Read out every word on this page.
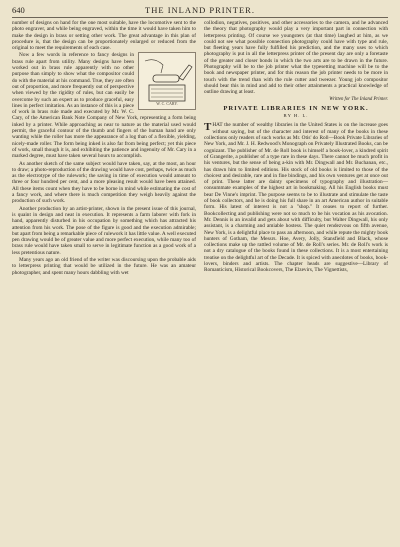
640	THE INLAND PRINTER.

number of designs on hand for the one most suitable, have the locomotive sent to the photo engraver, and while being engraved, within the time it would have taken him to make the design in brass or setting other work. The great advantage in this plan of procedure is, that the design can be proportionately enlarged or reduced from the original to meet the requirements of each case.

W. C. CARY.

Now a few words in reference to fancy designs in brass rule apart from utility. Many designs have been worked out in brass rule apparently with no other purpose than simply to show what the compositor could do with the material at his command. True, they are often out of proportion, and more frequently out of perspective when viewed by the rigidity of rules, but can easily be overcome by such an expert as to produce graceful, easy lines in perfect imitation. As an instance of this is a piece of work in brass rule made and executed by Mr. W. C. Cary, of the American Bank Note Company of New York, representing a form being inked by a printer. While approaching as near to nature as the material used would permit, the graceful contour of the thumb and fingers of the human hand are only wanting while the roller has more the appearance of a log than of a flexible, yielding, nicely-made roller. The form being inked is also far from being perfect; yet this piece of work, small though it is, and exhibiting the patience and ingenuity of Mr. Cary in a marked degree, must have taken several hours to accomplish.

As another sketch of the same subject would have taken, say, at the most, an hour to draw; a photo-reproduction of the drawing would have cost, perhaps, twice as much as the electrotype of the rulework; the saving in time of execution would amount to three or four hundred per cent, and a more pleasing result would have been attained. All these items count when they have to be borne in mind while estimating the cost of a fancy work, and where there is much competition they weigh heavily against the production of such work.

Another production by an artist-printer, shown in the present issue of this journal, is quaint in design and neat in execution. It represents a farm laborer with fork in hand, apparently disturbed in his occupation by something which has attracted his attention from his work. The pose of the figure is good and the execution admirable; but apart from being a remarkable piece of rulework it has little value. A well executed pen drawing would be of greater value and more perfect execution, while many too of brass rule would have taken small to serve in legitimate function as a good work of a less pretentious nature.

Many years ago an old friend of the writer was discoursing upon the probable aids to letterpress printing that would be utilized in the future. He was an amateur photographer, and spent many hours dabbling with wet

collodion, negatives, positives, and other accessories to the camera, and he advanced the theory that photography would play a very important part in connection with letterpress printing. Of course we youngsters (at that time) laughed at him, as we could not see what possible connection photography could have with type and rule, but fleeting years have fully fulfilled his prediction, and the many uses to which photography is put in all the letterpress printer of the present day are only a foretaste of the greater and closer bonds in which the two arts are to be drawn in the future. Photography will be to the job printer what the typesetting machine will be to the book and newspaper printer, and for this reason the job printer needs to be more in touch with the trend than with the rule cutter and tweezer. Young job compositor should bear this in mind and add to their other attainments a practical knowledge of outline drawing at least.

Written for The Inland Printer.
PRIVATE LIBRARIES IN NEW YORK.
BY H. L.

THAT the number of wealthy libraries in the United States is on the increase goes without saying, but of the character and interest of many of the books in these collections only readers of such works as Mr. Otis' do Roll—Book Private Libraries of New York, and Mr. J. H. Redwood's Monograph on Privately Illustrated Books, can be cognizant. The publisher of Mr. de Roll book is himself a book-lover, a kindred spirit of Grangerite, a publisher of a type rare in these days. There cannot be much profit in his ventures, but the sense of being a-kin with Mr. Dingwall and Mr. Buchanan, etc., has drawn him to limited editions. His stock of old books is limited to those of the choicest and desirable, rare and in fine bindings, and his own ventures get at once out of print. These latter are dainty specimens of typography and illustration—consummate examples of the highest art in bookmaking. All his English books must bear De Vinne's imprint. The purpose seems to be to illustrate and stimulate the taste of book collectors, and he is doing his full share in an art American author in suitable form. His latest of interest is not a "shop." It ceases to report of further. Bookcollecting and publishing were not so much to be his vocation as his avocation. Mr. Dennis is an invalid and gets about with difficulty, but Walter Dingwall, his only assistant, is a charming and amiable hostess. The quiet rendezvous on fifth avenue, New York, is a delightful place to pass an afternoon, and while repute the mighty book hunters of Gotham, the Messrs. Hoe, Avery, Jolly, Stansfield and Black, whose collections make up the rattled volume of Mr. de Roll's series. Mr. de Roll's work is not a dry catalogue of the books found in these collections. It is a most entertaining treatise on the delightful art of the Decade. It is spiced with anecdotes of books, book-lovers, binders and artists. The chapter heads are suggestive—Library of Romanticism, Historical Bookcovers, The Elzevirs, The Vignettists,
